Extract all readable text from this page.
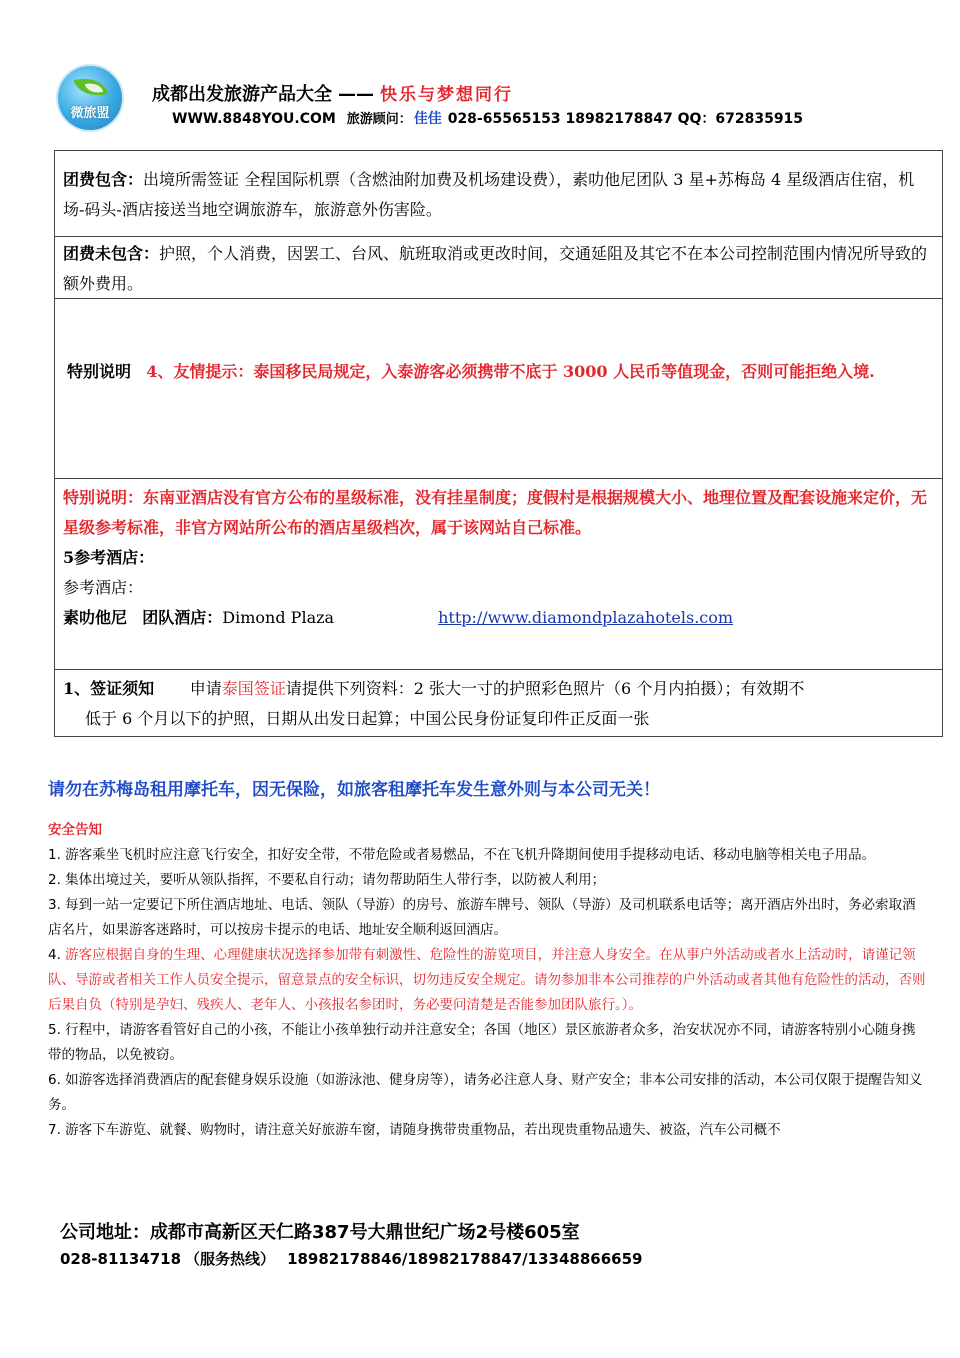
微旅盟
成都出发旅游产品大全 —— 快乐与梦想同行
WWW.8848YOU.COM 旅游顾问： 佳佳 028-65565153 18982178847 QQ：672835915
团费包含：出境所需签证 全程国际机票（含燃油附加费及机场建设费），素叻他尼团队 3 星+苏梅岛 4 星级酒店住宿，机场-码头-酒店接送当地空调旅游车，旅游意外伤害险。
团费未包含：护照，个人消费，因罢工、台风、航班取消或更改时间，交通延阻及其它不在本公司控制范围内情况所导致的额外费用。
特别说明 4、友情提示：泰国移民局规定，入泰游客必须携带不底于 3000 人民币等值现金，否则可能拒绝入境.
特别说明：东南亚酒店没有官方公布的星级标准，没有挂星制度；度假村是根据规模大小、地理位置及配套设施来定价，无星级参考标准，非官方网站所公布的酒店星级档次，属于该网站自己标准。
5参考酒店：
参考酒店：
素叻他尼 团队酒店：Dimond Plaza	http://www.diamondplazahotels.com
1、签证须知 申请泰国签证请提供下列资料：2 张大一寸的护照彩色照片（6 个月内拍摄）；有效期不
低于 6 个月以下的护照，日期从出发日起算；中国公民身份证复印件正反面一张
请勿在苏梅岛租用摩托车，因无保险，如旅客租摩托车发生意外则与本公司无关！

安全告知

1. 游客乘坐飞机时应注意飞行安全，扣好安全带，不带危险或者易燃品，不在飞机升降期间使用手提移动电话、移动电脑等相关电子用品。

2. 集体出境过关，要听从领队指挥，不要私自行动；请勿帮助陌生人带行李，以防被人利用；

3. 每到一站一定要记下所住酒店地址、电话、领队（导游）的房号、旅游车牌号、领队（导游）及司机联系电话等；离开酒店外出时，务必索取酒店名片，如果游客迷路时，可以按房卡提示的电话、地址安全顺利返回酒店。

4. 游客应根据自身的生理、心理健康状况选择参加带有刺激性、危险性的游览项目，并注意人身安全。在从事户外活动或者水上活动时，请谨记领队、导游或者相关工作人员安全提示，留意景点的安全标识，切勿违反安全规定。请勿参加非本公司推荐的户外活动或者其他有危险性的活动，否则后果自负（特别是孕妇、残疾人、老年人、小孩报名参团时，务必要问清楚是否能参加团队旅行。）。

5. 行程中，请游客看管好自己的小孩，不能让小孩单独行动并注意安全；各国（地区）景区旅游者众多，治安状况亦不同，请游客特别小心随身携带的物品，以免被窃。

6. 如游客选择消费酒店的配套健身娱乐设施（如游泳池、健身房等），请务必注意人身、财产安全；非本公司安排的活动，本公司仅限于提醒告知义务。

7. 游客下车游览、就餐、购物时，请注意关好旅游车窗，请随身携带贵重物品，若出现贵重物品遗失、被盗，汽车公司概不

公司地址：成都市高新区天仁路387号大鼎世纪广场2号楼605室
028-81134718 （服务热线） 18982178846/18982178847/13348866659
